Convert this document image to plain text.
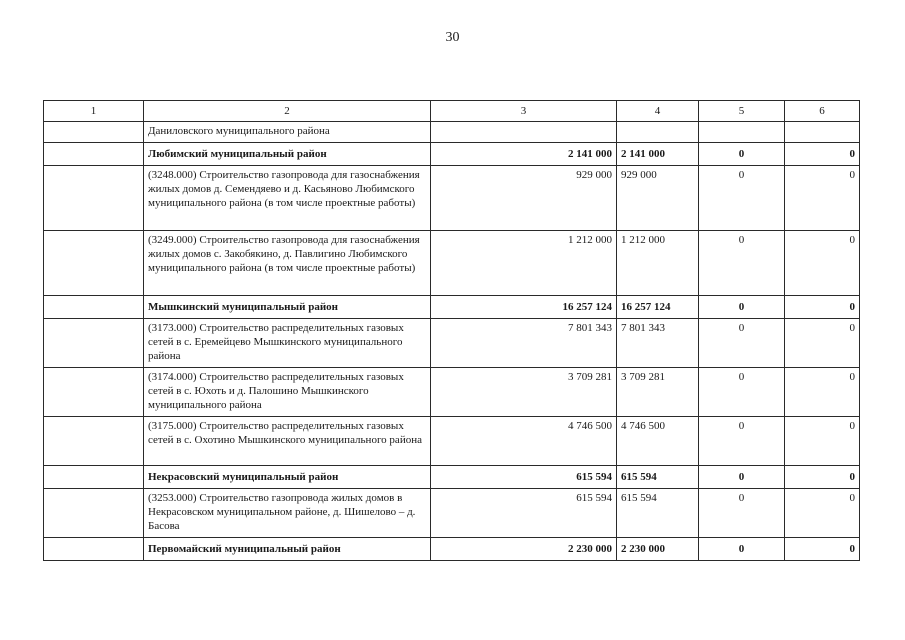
30
1	2	3	4	5	6
	Даниловского муниципального района				
	Любимский муниципальный район	2 141 000	2 141 000	0	0
	(3248.000) Строительство газопровода для газоснабжения жилых домов д. Семендяево и д. Касьяново Любимского муниципального района (в том числе проектные работы)	929 000	929 000	0	0
	(3249.000) Строительство газопровода для газоснабжения жилых домов с. Закобякино, д. Павлигино Любимского муниципального района (в том числе проектные работы)	1 212 000	1 212 000	0	0
	Мышкинский муниципальный район	16 257 124	16 257 124	0	0
	(3173.000) Строительство распределительных газовых сетей в с. Еремейцево Мышкинского муниципального района	7 801 343	7 801 343	0	0
	(3174.000) Строительство распределительных газовых сетей в с. Юхоть и д. Палошино Мышкинского муниципального района	3 709 281	3 709 281	0	0
	(3175.000) Строительство распределительных газовых сетей в с. Охотино Мышкинского муниципального района	4 746 500	4 746 500	0	0
	Некрасовский муниципальный район	615 594	615 594	0	0
	(3253.000) Строительство газопровода жилых домов в Некрасовском муниципальном районе, д. Шишелово – д. Басова	615 594	615 594	0	0
	Первомайский муниципальный район	2 230 000	2 230 000	0	0
